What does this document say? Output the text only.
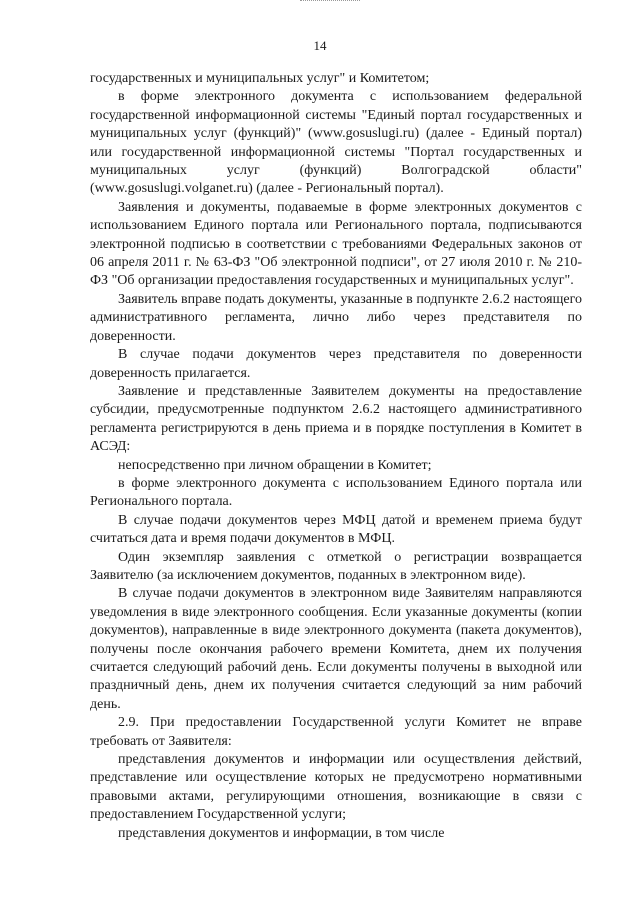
14

государственных и муниципальных услуг" и Комитетом;

в форме электронного документа с использованием федеральной государственной информационной системы "Единый портал государственных и муниципальных услуг (функций)" (www.gosuslugi.ru) (далее - Единый портал) или государственной информационной системы "Портал государственных и муниципальных услуг (функций) Волгоградской области" (www.gosuslugi.volganet.ru) (далее - Региональный портал).

Заявления и документы, подаваемые в форме электронных документов с использованием Единого портала или Регионального портала, подписываются электронной подписью в соответствии с требованиями Федеральных законов от 06 апреля 2011 г. № 63-ФЗ "Об электронной подписи", от 27 июля 2010 г. № 210-ФЗ "Об организации предоставления государственных и муниципальных услуг".

Заявитель вправе подать документы, указанные в подпункте 2.6.2 настоящего административного регламента, лично либо через представителя по доверенности.

В случае подачи документов через представителя по доверенности доверенность прилагается.

Заявление и представленные Заявителем документы на предоставление субсидии, предусмотренные подпунктом 2.6.2 настоящего административного регламента регистрируются в день приема и в порядке поступления в Комитет в АСЭД:

непосредственно при личном обращении в Комитет;

в форме электронного документа с использованием Единого портала или Регионального портала.

В случае подачи документов через МФЦ датой и временем приема будут считаться дата и время подачи документов в МФЦ.

Один экземпляр заявления с отметкой о регистрации возвращается Заявителю (за исключением документов, поданных в электронном виде).

В случае подачи документов в электронном виде Заявителям направляются уведомления в виде электронного сообщения. Если указанные документы (копии документов), направленные в виде электронного документа (пакета документов), получены после окончания рабочего времени Комитета, днем их получения считается следующий рабочий день. Если документы получены в выходной или праздничный день, днем их получения считается следующий за ним рабочий день.

2.9. При предоставлении Государственной услуги Комитет не вправе требовать от Заявителя:

представления документов и информации или осуществления действий, представление или осуществление которых не предусмотрено нормативными правовыми актами, регулирующими отношения, возникающие в связи с предоставлением Государственной услуги;

представления документов и информации, в том числе
